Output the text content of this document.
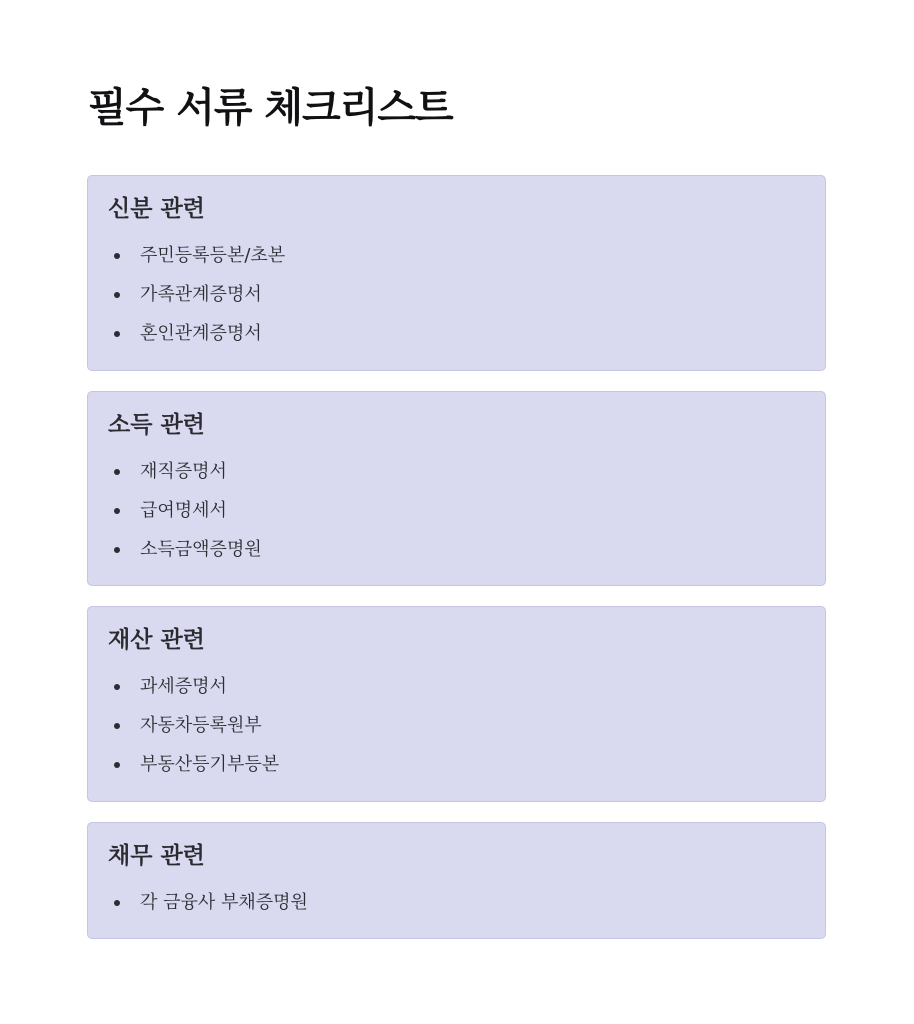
필수 서류 체크리스트
신분 관련
주민등록등본/초본
가족관계증명서
혼인관계증명서
소득 관련
재직증명서
급여명세서
소득금액증명원
재산 관련
과세증명서
자동차등록원부
부동산등기부등본
채무 관련
각 금융사 부채증명원
